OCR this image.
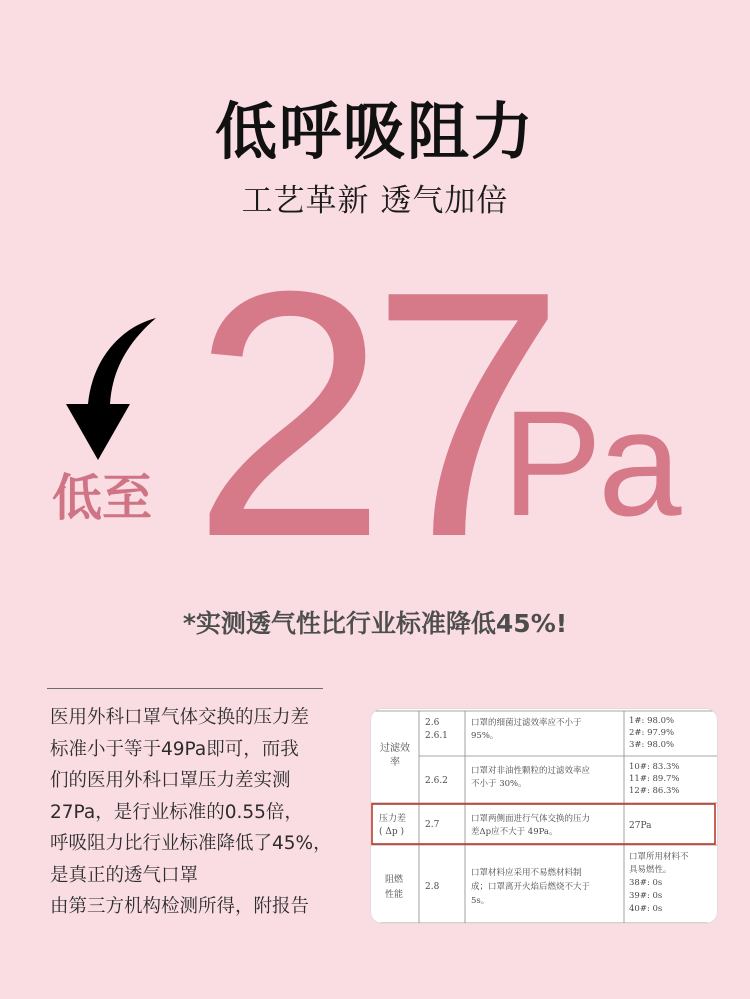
低呼吸阻力
工艺革新 透气加倍
低至 27
Pa
*实测透气性比行业标准降低45%!
医用外科口罩气体交换的压力差
标准小于等于49Pa即可，而我
们的医用外科口罩压力差实测
27Pa，是行业标准的0.55倍，
呼吸阻力比行业标准降低了45%，
是真正的透气口罩
由第三方机构检测所得，附报告
过滤效
率
2.6
2.6.1
口罩的细菌过滤效率应不小于
95%。
1#: 98.0%
2#: 97.9%
3#: 98.0%
2.6.2
口罩对非油性颗粒的过滤效率应
不小于 30%。
10#: 83.3%
11#: 89.7%
12#: 86.3%
压力差
( Δp )
2.7
口罩两侧面进行气体交换的压力
差Δp应不大于 49Pa。
27Pa
阻燃
性能
2.8
口罩材料应采用不易燃材料制
成；口罩离开火焰后燃烧不大于
5s。
口罩所用材料不
具易燃性。
38#: 0s
39#: 0s
40#: 0s
